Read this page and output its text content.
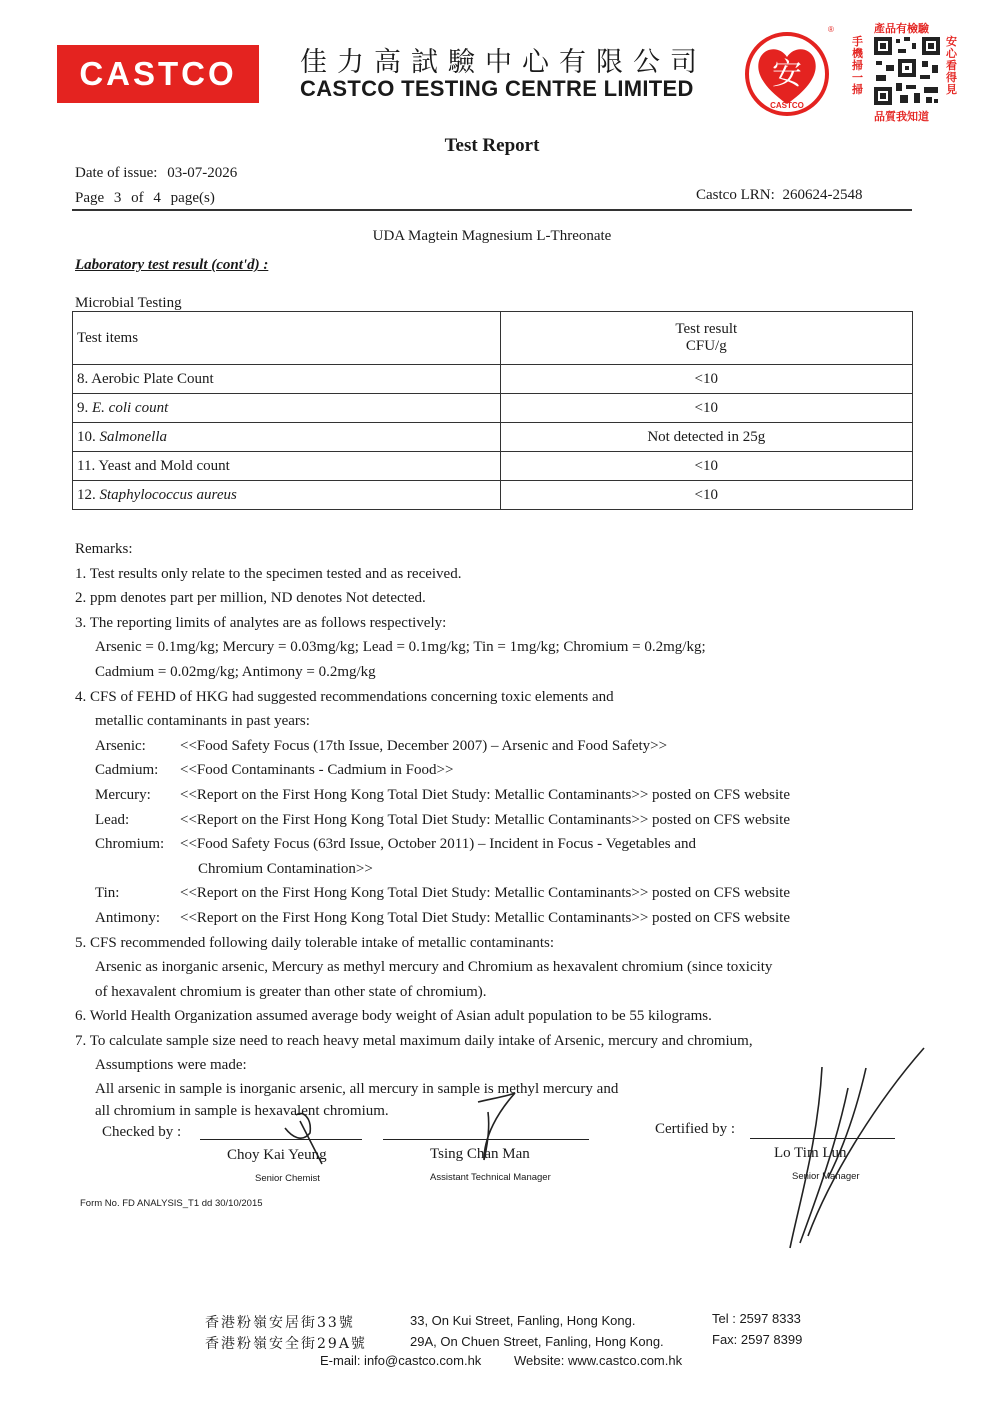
CASTCO	佳力高試驗中心有限公司
CASTCO TESTING CENTRE LIMITED	安
CASTCO
®	產品有檢驗
手機掃一掃
安心看得見
品質我知道
Test Report
Date of issue: 03-07-2026
Page 3 of 4 page(s)	Castco LRN: 260624-2548
UDA Magtein Magnesium L-Threonate
Laboratory test result (cont'd) :
Microbial Testing
Test items	Test result
CFU/g

8. Aerobic Plate Count	<10
9. E. coli count	<10
10. Salmonella	Not detected in 25g
11. Yeast and Mold count	<10
12. Staphylococcus aureus	<10
Remarks:
1. Test results only relate to the specimen tested and as received.
2. ppm denotes part per million, ND denotes Not detected.
3. The reporting limits of analytes are as follows respectively:
Arsenic = 0.1mg/kg; Mercury = 0.03mg/kg; Lead = 0.1mg/kg; Tin = 1mg/kg; Chromium = 0.2mg/kg;
Cadmium = 0.02mg/kg; Antimony = 0.2mg/kg
4. CFS of FEHD of HKG had suggested recommendations concerning toxic elements and
metallic contaminants in past years:
Arsenic:	<<Food Safety Focus (17th Issue, December 2007) – Arsenic and Food Safety>>
Cadmium:	<<Food Contaminants - Cadmium in Food>>
Mercury:	<<Report on the First Hong Kong Total Diet Study: Metallic Contaminants>> posted on CFS website
Lead:	<<Report on the First Hong Kong Total Diet Study: Metallic Contaminants>> posted on CFS website
Chromium:	<<Food Safety Focus (63rd Issue, October 2011) – Incident in Focus - Vegetables and
Chromium Contamination>>
Tin:	<<Report on the First Hong Kong Total Diet Study: Metallic Contaminants>> posted on CFS website
Antimony:	<<Report on the First Hong Kong Total Diet Study: Metallic Contaminants>> posted on CFS website
5. CFS recommended following daily tolerable intake of metallic contaminants:
Arsenic as inorganic arsenic, Mercury as methyl mercury and Chromium as hexavalent chromium (since toxicity
of hexavalent chromium is greater than other state of chromium).
6. World Health Organization assumed average body weight of Asian adult population to be 55 kilograms.
7. To calculate sample size need to reach heavy metal maximum daily intake of Arsenic, mercury and chromium,
Assumptions were made:
All arsenic in sample is inorganic arsenic, all mercury in sample is methyl mercury and
all chromium in sample is hexavalent chromium.
Checked by :
Choy Kai Yeung
Senior Chemist
Tsing Chan Man
Assistant Technical Manager
Certified by :
Lo Tim Lun
Senior Manager
Form No. FD ANALYSIS_T1 dd 30/10/2015
香港粉嶺安居街33號	33, On Kui Street, Fanling, Hong Kong.	Tel : 2597 8333
香港粉嶺安全街29A號	29A, On Chuen Street, Fanling, Hong Kong.	Fax: 2597 8399
E-mail: info@castco.com.hk	Website: www.castco.com.hk
